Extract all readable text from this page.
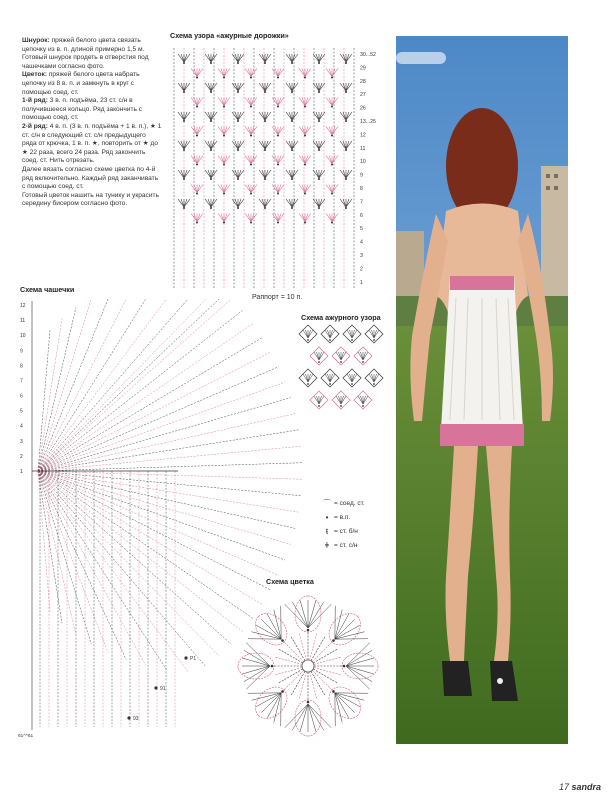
Шнурок: пряжей белого цвета связать цепочку из в. п. длиной примерно 1,5 м. Готовый шнурок продеть в отверстия под чашечками согласно фото.

Цветок: пряжей белого цвета набрать цепочку из 8 в. п. и замкнуть в круг с помощью соед. ст.

1-й ряд: 3 в. п. подъёма, 23 ст. с/н в получившееся кольцо. Ряд закончить с помощью соед. ст.

2-й ряд: 4 в. п. (3 в. п. подъёма + 1 в. п.), ★ 1 ст. с/н в следующий ст. с/н предыдущего ряда от крючка, 1 в. п. ★, повторить от ★ до ★ 22 раза, всего 24 раза. Ряд закончить соед. ст. Нить отрезать.

Далее вязать согласно схеме цветка по 4-й ряд включительно. Каждый ряд заканчивать с помощью соед. ст.

Готовый цветок нашить на тунику и украсить середину бисером согласно фото.

Схема узора «ажурные дорожки»
Схема чашечки
Схема ажурного узора
Схема цветка
Раппорт = 10 п.
30...52
29
28
27
26
13...25
12
11
10
9
8
7
6
5
4
3
2
1
12
11
10
9
8
7
6
5
4
3
2
1
P1
91
93
61^^61
⌒ = соед. ст.
• = в.п.
ŧ = ст. б/н
ǂ = ст. с/н
17 sandra
